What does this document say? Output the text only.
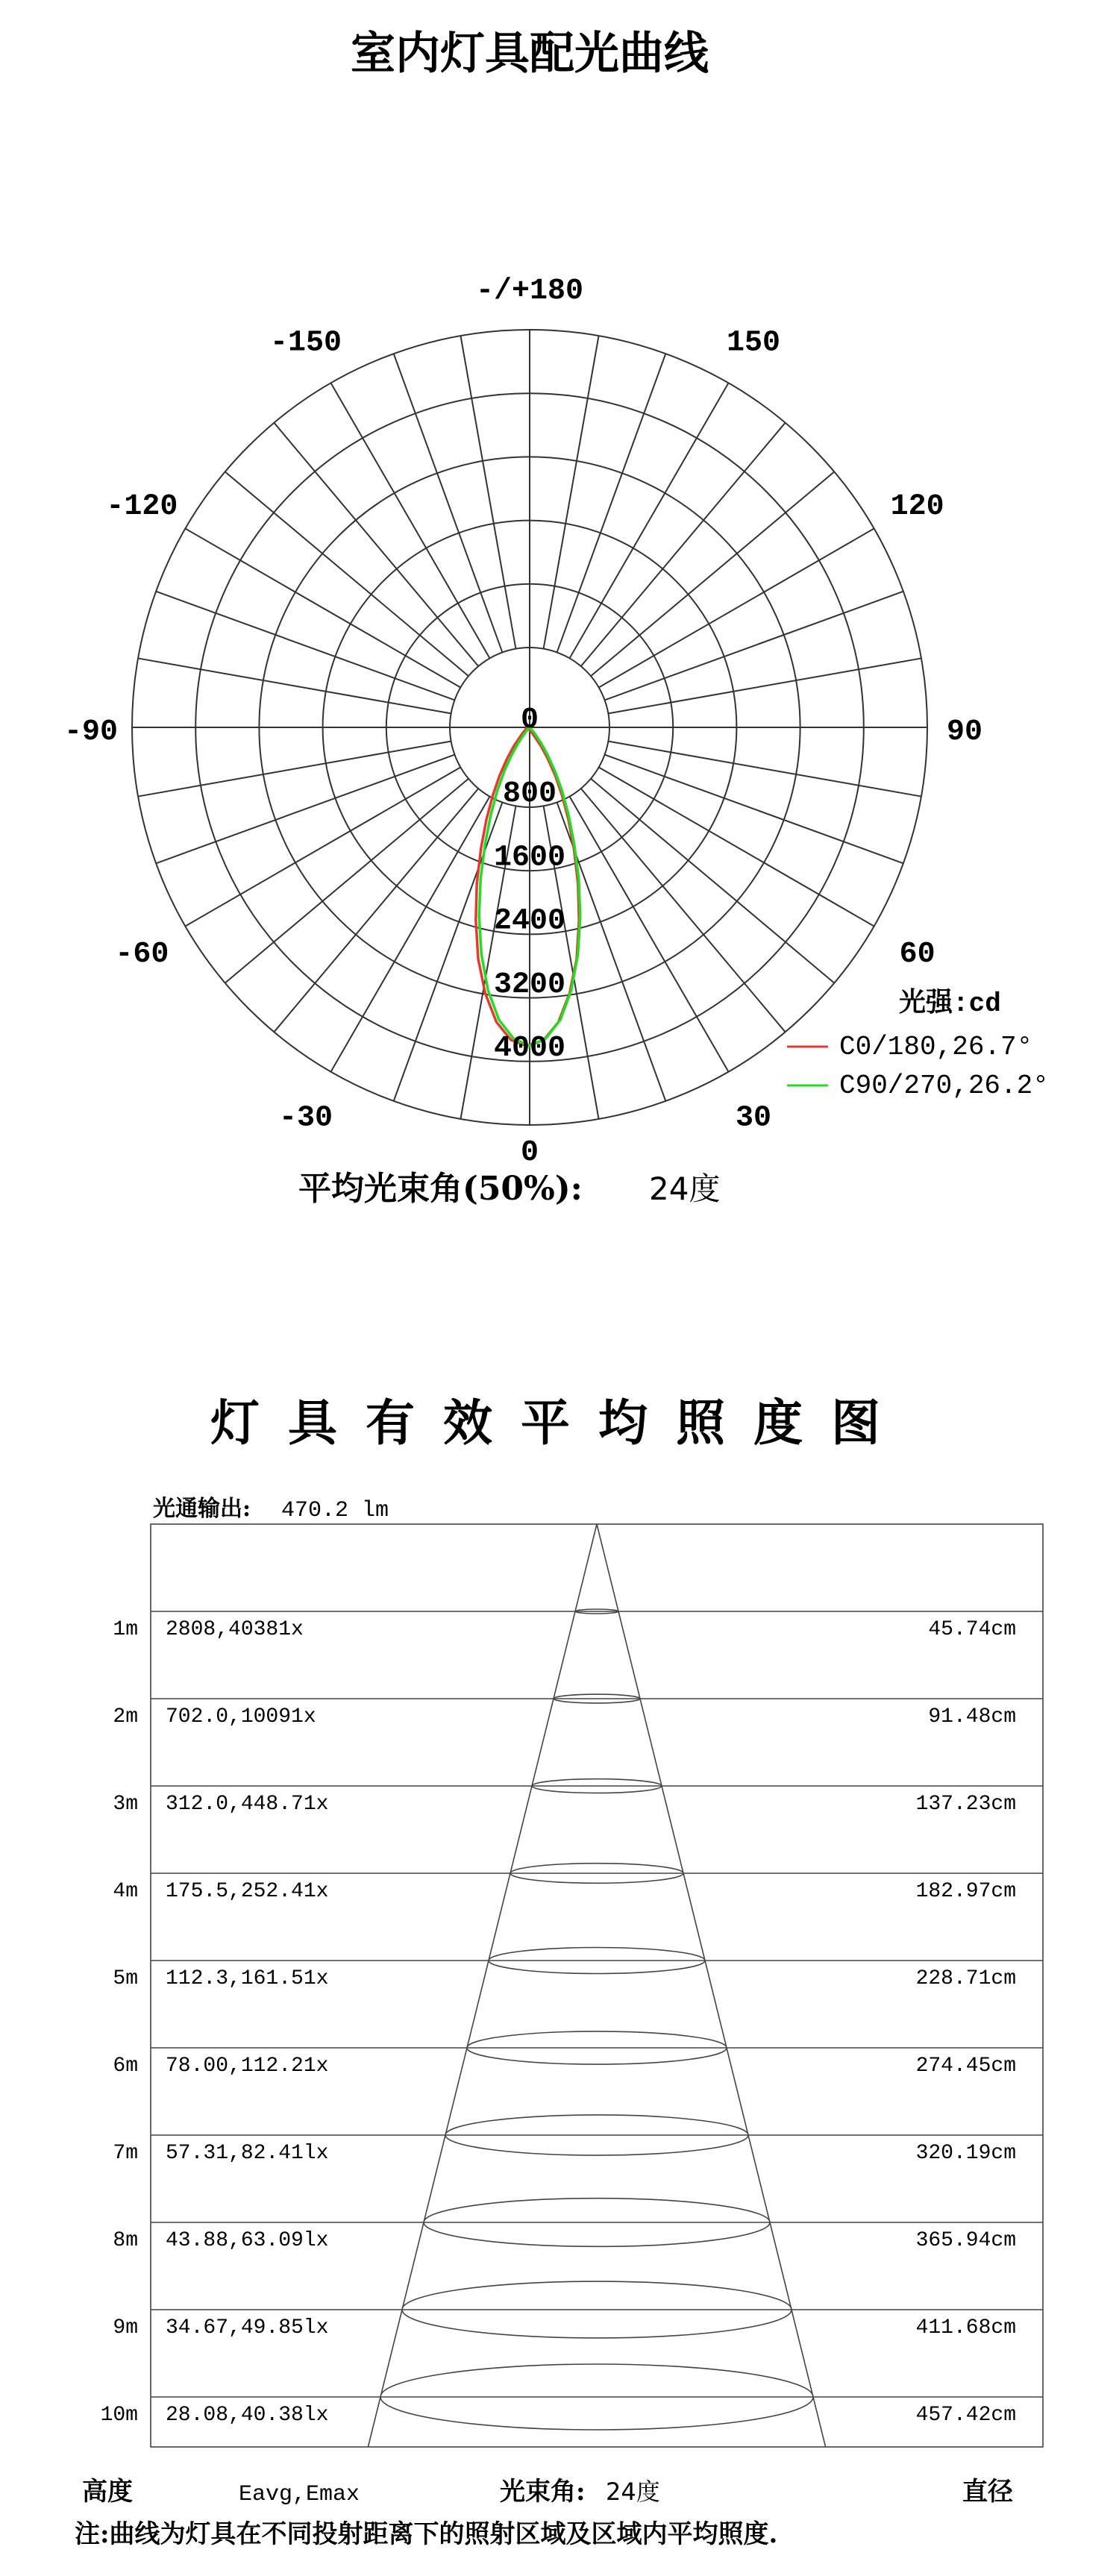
室内灯具配光曲线
-/+180
150
120
90
60
30
0
-30
-60
-90
-120
-150
0
800
1600
2400
3200
4000
光强:cd
C0/180,26.7°
C90/270,26.2°
平均光束角(50%): 24度
灯具有效平均照度图
光通输出: 470.2 lm
1m 2808,40381x	45.74cm
2m 702.0,10091x	91.48cm
3m 312.0,448.71x	137.23cm
4m 175.5,252.41x	182.97cm
5m 112.3,161.51x	228.71cm
6m 78.00,112.21x	274.45cm
7m 57.31,82.41lx	320.19cm
8m 43.88,63.09lx	365.94cm
9m 34.67,49.85lx	411.68cm
10m 28.08,40.38lx	457.42cm
高度	Eavg,Emax	光束角: 24度	直径
注:曲线为灯具在不同投射距离下的照射区域及区域内平均照度.
